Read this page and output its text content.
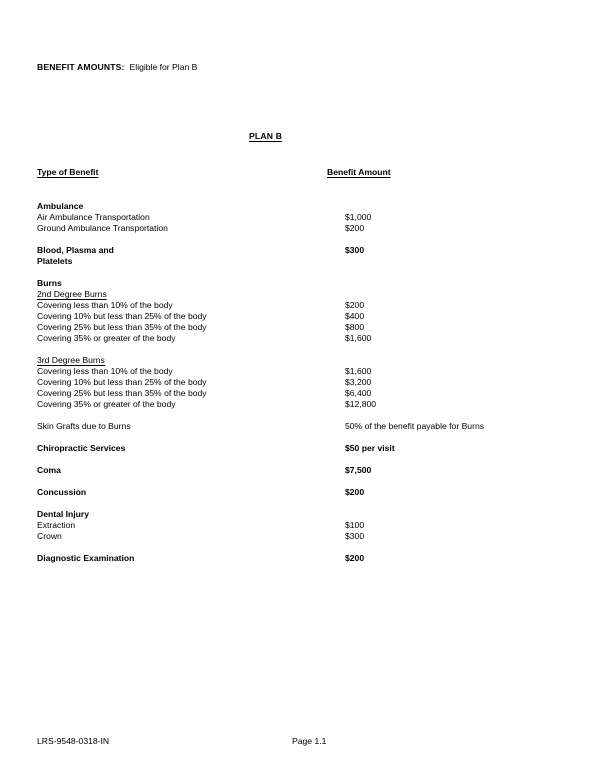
BENEFIT AMOUNTS: Eligible for Plan B
PLAN B
Type of Benefit	Benefit Amount
Ambulance
Air Ambulance Transportation	$1,000
Ground Ambulance Transportation	$200
Blood, Plasma and	$300
Platelets
Burns
2nd Degree Burns
Covering less than 10% of the body	$200
Covering 10% but less than 25% of the body	$400
Covering 25% but less than 35% of the body	$800
Covering 35% or greater of the body	$1,600
3rd Degree Burns
Covering less than 10% of the body	$1,600
Covering 10% but less than 25% of the body	$3,200
Covering 25% but less than 35% of the body	$6,400
Covering 35% or greater of the body	$12,800
Skin Grafts due to Burns	50% of the benefit payable for Burns
Chiropractic Services	$50 per visit
Coma	$7,500
Concussion	$200
Dental Injury
Extraction	$100
Crown	$300
Diagnostic Examination	$200
LRS-9548-0318-IN	Page 1.1
